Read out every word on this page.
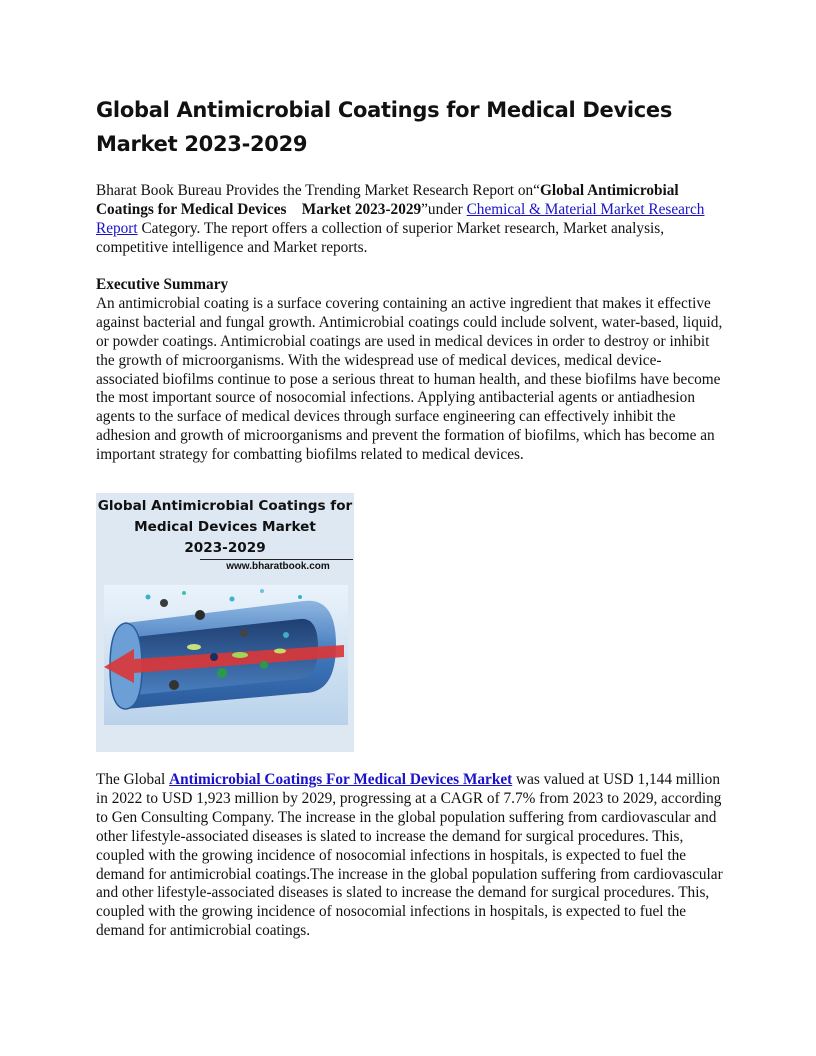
Global Antimicrobial Coatings for Medical Devices Market 2023-2029

Bharat Book Bureau Provides the Trending Market Research Report on“Global Antimicrobial Coatings for Medical Devices    Market 2023-2029”under Chemical & Material Market Research Report Category. The report offers a collection of superior Market research, Market analysis, competitive intelligence and Market reports.

Executive Summary
An antimicrobial coating is a surface covering containing an active ingredient that makes it effective against bacterial and fungal growth. Antimicrobial coatings could include solvent, water-based, liquid, or powder coatings. Antimicrobial coatings are used in medical devices in order to destroy or inhibit the growth of microorganisms. With the widespread use of medical devices, medical device-associated biofilms continue to pose a serious threat to human health, and these biofilms have become the most important source of nosocomial infections. Applying antibacterial agents or antiadhesion agents to the surface of medical devices through surface engineering can effectively inhibit the adhesion and growth of microorganisms and prevent the formation of biofilms, which has become an important strategy for combatting biofilms related to medical devices.

Global Antimicrobial Coatings for
Medical Devices Market
2023-2029
www.bharatbook.com

The Global Antimicrobial Coatings For Medical Devices Market was valued at USD 1,144 million in 2022 to USD 1,923 million by 2029, progressing at a CAGR of 7.7% from 2023 to 2029, according to Gen Consulting Company. The increase in the global population suffering from cardiovascular and other lifestyle-associated diseases is slated to increase the demand for surgical procedures. This, coupled with the growing incidence of nosocomial infections in hospitals, is expected to fuel the demand for antimicrobial coatings.The increase in the global population suffering from cardiovascular and other lifestyle-associated diseases is slated to increase the demand for surgical procedures. This, coupled with the growing incidence of nosocomial infections in hospitals, is expected to fuel the demand for antimicrobial coatings.
